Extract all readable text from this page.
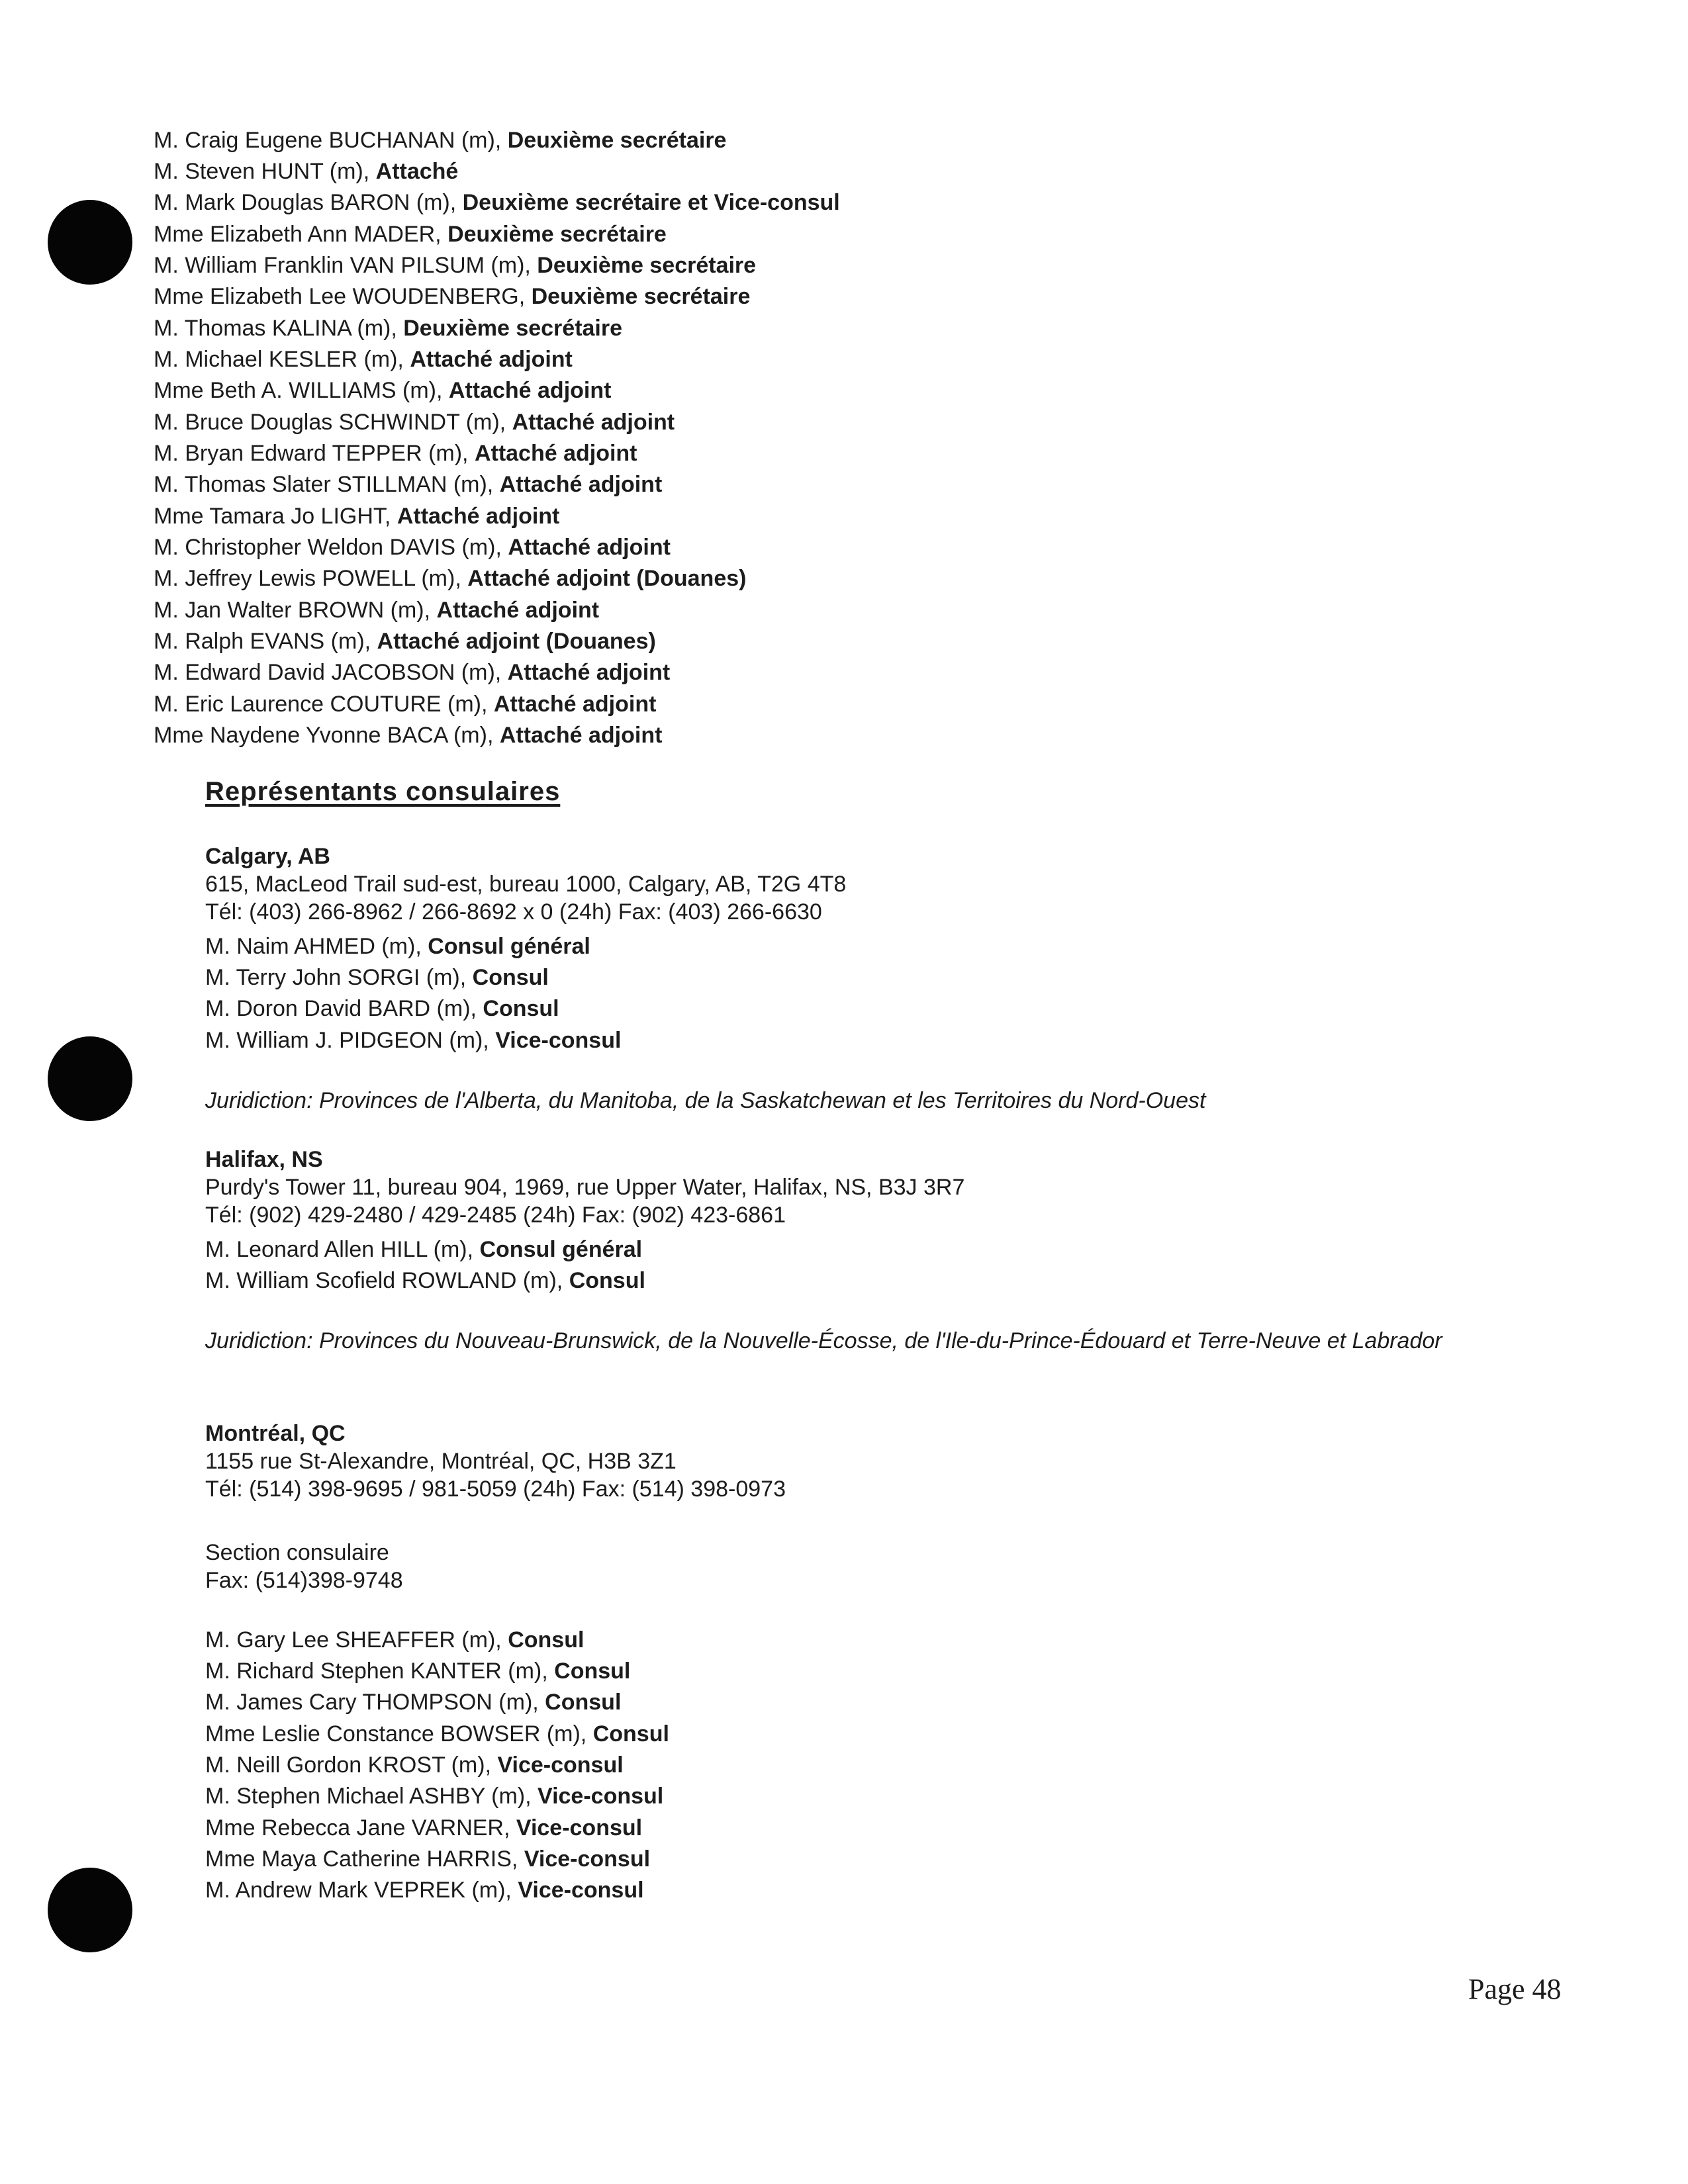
M. Craig Eugene BUCHANAN (m), Deuxième secrétaire
M. Steven HUNT (m), Attaché
M. Mark Douglas BARON (m), Deuxième secrétaire et Vice-consul
Mme Elizabeth Ann MADER, Deuxième secrétaire
M. William Franklin VAN PILSUM (m), Deuxième secrétaire
Mme Elizabeth Lee WOUDENBERG, Deuxième secrétaire
M. Thomas KALINA (m), Deuxième secrétaire
M. Michael KESLER (m), Attaché adjoint
Mme Beth A. WILLIAMS (m), Attaché adjoint
M. Bruce Douglas SCHWINDT (m), Attaché adjoint
M. Bryan Edward TEPPER (m), Attaché adjoint
M. Thomas Slater STILLMAN (m), Attaché adjoint
Mme Tamara Jo LIGHT, Attaché adjoint
M. Christopher Weldon DAVIS (m), Attaché adjoint
M. Jeffrey Lewis POWELL (m), Attaché adjoint (Douanes)
M. Jan Walter BROWN (m), Attaché adjoint
M. Ralph EVANS (m), Attaché adjoint (Douanes)
M. Edward David JACOBSON (m), Attaché adjoint
M. Eric Laurence COUTURE (m), Attaché adjoint
Mme Naydene Yvonne BACA (m), Attaché adjoint
Représentants consulaires
Calgary, AB
615, MacLeod Trail sud-est, bureau 1000, Calgary, AB, T2G 4T8
Tél: (403) 266-8962 / 266-8692 x 0 (24h) Fax: (403) 266-6630
M. Naim AHMED (m), Consul général
M. Terry John SORGI (m), Consul
M. Doron David BARD (m), Consul
M. William J. PIDGEON (m), Vice-consul
Juridiction: Provinces de l'Alberta, du Manitoba, de la Saskatchewan et les Territoires du Nord-Ouest
Halifax, NS
Purdy's Tower 11, bureau 904, 1969, rue Upper Water, Halifax, NS, B3J 3R7
Tél: (902) 429-2480 / 429-2485 (24h) Fax: (902) 423-6861
M. Leonard Allen HILL (m), Consul général
M. William Scofield ROWLAND (m), Consul
Juridiction: Provinces du Nouveau-Brunswick, de la Nouvelle-Écosse, de l'Ile-du-Prince-Édouard et Terre-Neuve et Labrador
Montréal, QC
1155 rue St-Alexandre, Montréal, QC, H3B 3Z1
Tél: (514) 398-9695 / 981-5059 (24h) Fax: (514) 398-0973
Section consulaire
Fax: (514)398-9748
M. Gary Lee SHEAFFER (m), Consul
M. Richard Stephen KANTER (m), Consul
M. James Cary THOMPSON (m), Consul
Mme Leslie Constance BOWSER (m), Consul
M. Neill Gordon KROST (m), Vice-consul
M. Stephen Michael ASHBY (m), Vice-consul
Mme Rebecca Jane VARNER, Vice-consul
Mme Maya Catherine HARRIS, Vice-consul
M. Andrew Mark VEPREK (m), Vice-consul
Page 48
